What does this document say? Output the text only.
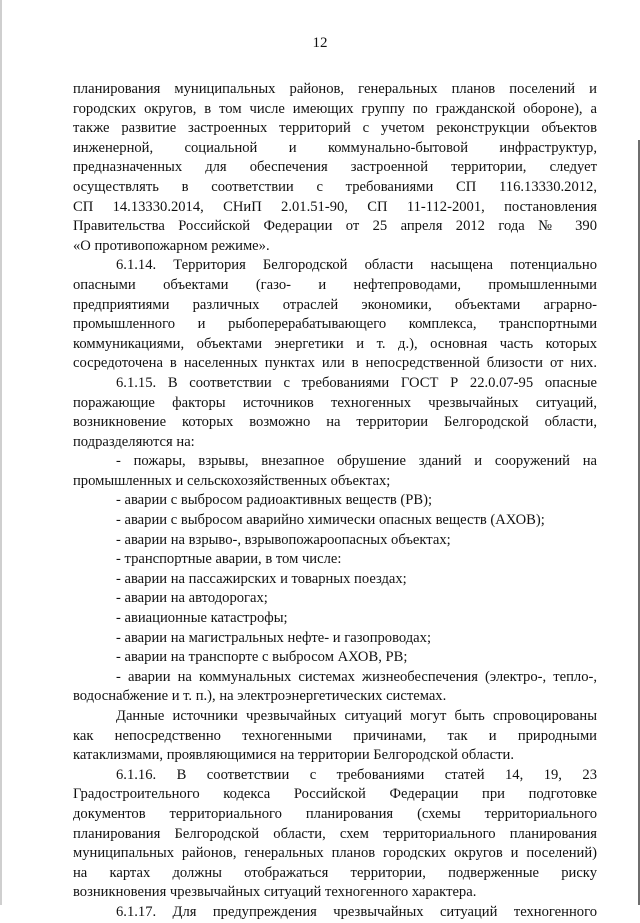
12
планирования муниципальных районов, генеральных планов поселений и
городских округов, в том числе имеющих группу по гражданской обороне), а
также развитие застроенных территорий с учетом реконструкции объектов
инженерной, социальной и коммунально-бытовой инфраструктур,
предназначенных для обеспечения застроенной территории, следует
осуществлять в соответствии с требованиями СП 116.13330.2012,
СП 14.13330.2014, СНиП 2.01.51-90, СП 11-112-2001, постановления
Правительства Российской Федерации от 25 апреля 2012 года № 390
«О противопожарном режиме».
6.1.14. Территория Белгородской области насыщена потенциально
опасными объектами (газо- и нефтепроводами, промышленными
предприятиями различных отраслей экономики, объектами аграрно-
промышленного и рыбоперерабатывающего комплекса, транспортными
коммуникациями, объектами энергетики и т. д.), основная часть которых
сосредоточена в населенных пунктах или в непосредственной близости от них.
6.1.15. В соответствии с требованиями ГОСТ Р 22.0.07-95 опасные
поражающие факторы источников техногенных чрезвычайных ситуаций,
возникновение которых возможно на территории Белгородской области,
подразделяются на:
- пожары, взрывы, внезапное обрушение зданий и сооружений на
промышленных и сельскохозяйственных объектах;
- аварии с выбросом радиоактивных веществ (РВ);
- аварии с выбросом аварийно химически опасных веществ (АХОВ);
- аварии на взрыво-, взрывопожароопасных объектах;
- транспортные аварии, в том числе:
- аварии на пассажирских и товарных поездах;
- аварии на автодорогах;
- авиационные катастрофы;
- аварии на магистральных нефте- и газопроводах;
- аварии на транспорте с выбросом АХОВ, РВ;
- аварии на коммунальных системах жизнеобеспечения (электро-, тепло-,
водоснабжение и т. п.), на электроэнергетических системах.
Данные источники чрезвычайных ситуаций могут быть спровоцированы
как непосредственно техногенными причинами, так и природными
катаклизмами, проявляющимися на территории Белгородской области.
6.1.16. В соответствии с требованиями статей 14, 19, 23
Градостроительного кодекса Российской Федерации при подготовке
документов территориального планирования (схемы территориального
планирования Белгородской области, схем территориального планирования
муниципальных районов, генеральных планов городских округов и поселений)
на картах должны отображаться территории, подверженные риску
возникновения чрезвычайных ситуаций техногенного характера.
6.1.17. Для предупреждения чрезвычайных ситуаций техногенного
